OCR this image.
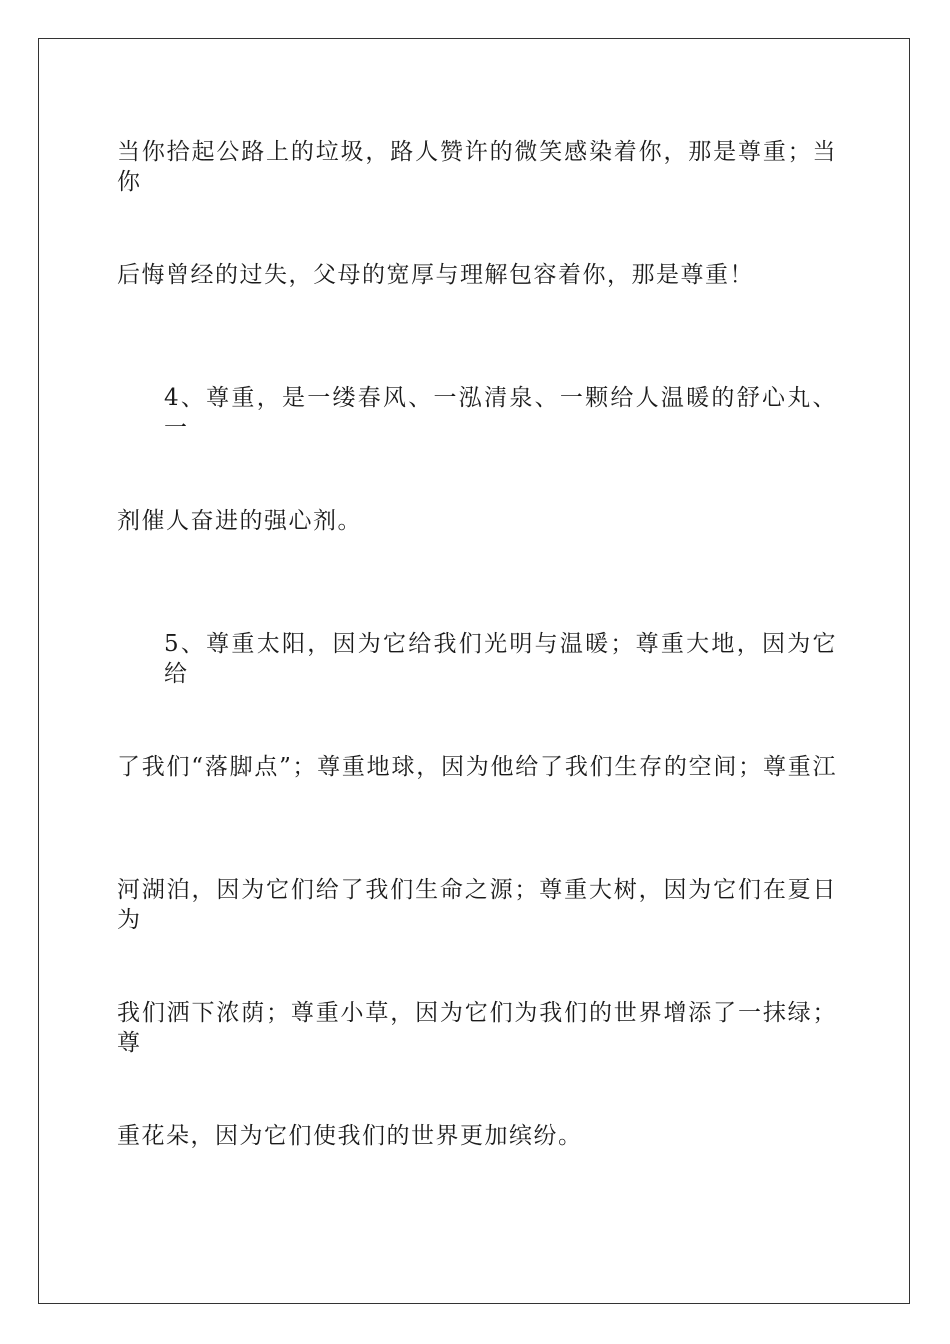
当你拾起公路上的垃圾，路人赞许的微笑感染着你，那是尊重；当你
后悔曾经的过失，父母的宽厚与理解包容着你，那是尊重！
4、尊重，是一缕春风、一泓清泉、一颗给人温暖的舒心丸、一
剂催人奋进的强心剂。
5、尊重太阳，因为它给我们光明与温暖；尊重大地，因为它给
了我们“落脚点”；尊重地球，因为他给了我们生存的空间；尊重江
河湖泊，因为它们给了我们生命之源；尊重大树，因为它们在夏日为
我们洒下浓荫；尊重小草，因为它们为我们的世界增添了一抹绿；尊
重花朵，因为它们使我们的世界更加缤纷。
